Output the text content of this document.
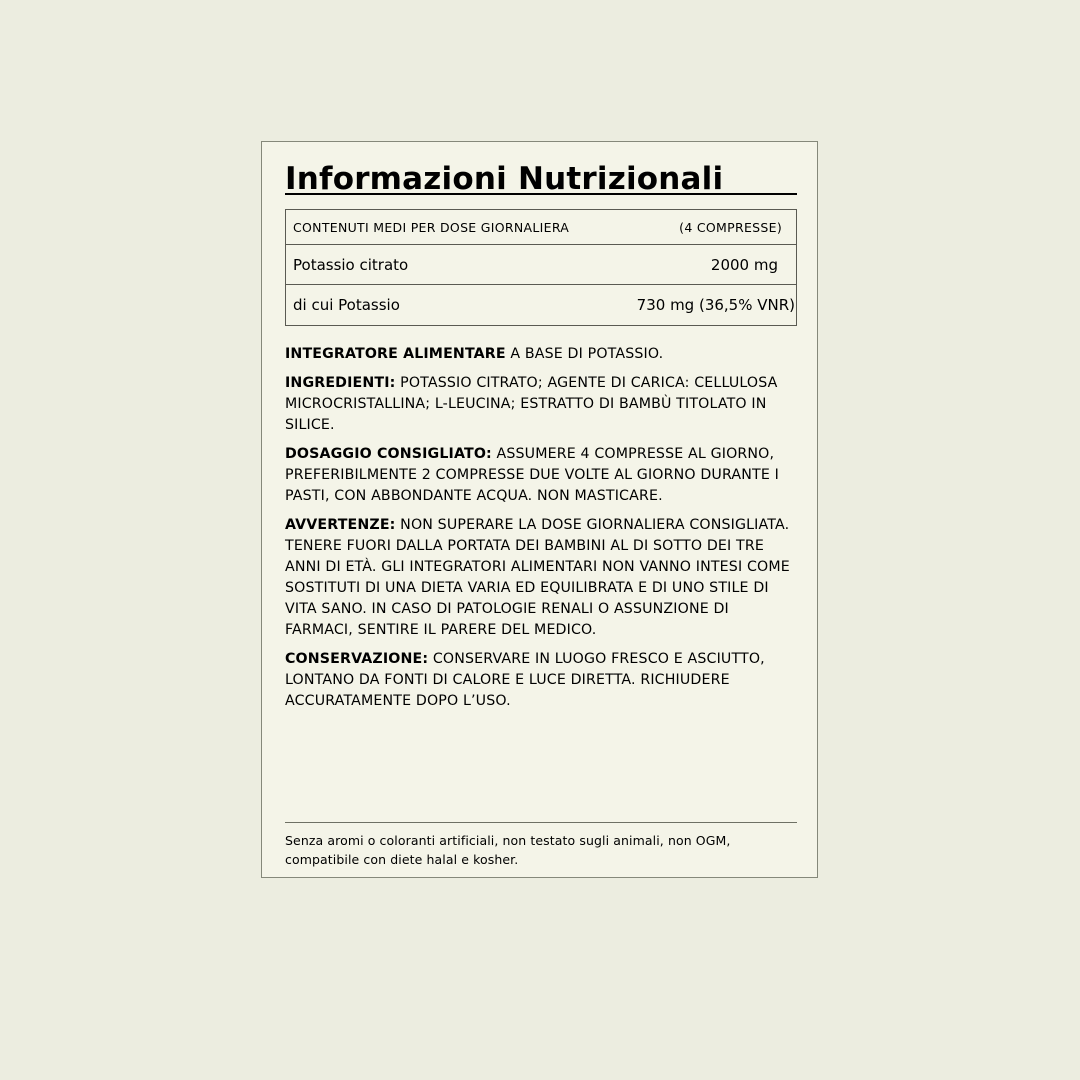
Informazioni Nutrizionali
CONTENUTI MEDI PER DOSE GIORNALIERA	(4 COMPRESSE)
Potassio citrato	2000 mg
di cui Potassio	730 mg (36,5% VNR)

INTEGRATORE ALIMENTARE A BASE DI POTASSIO.

INGREDIENTI: POTASSIO CITRATO; AGENTE DI CARICA: CELLULOSA MICROCRISTALLINA; L-LEUCINA; ESTRATTO DI BAMBÙ TITOLATO IN SILICE.

DOSAGGIO CONSIGLIATO: ASSUMERE 4 COMPRESSE AL GIORNO, PREFERIBILMENTE 2 COMPRESSE DUE VOLTE AL GIORNO DURANTE I PASTI, CON ABBONDANTE ACQUA. NON MASTICARE.

AVVERTENZE: NON SUPERARE LA DOSE GIORNALIERA CONSIGLIATA. TENERE FUORI DALLA PORTATA DEI BAMBINI AL DI SOTTO DEI TRE ANNI DI ETÀ. GLI INTEGRATORI ALIMENTARI NON VANNO INTESI COME SOSTITUTI DI UNA DIETA VARIA ED EQUILIBRATA E DI UNO STILE DI VITA SANO. IN CASO DI PATOLOGIE RENALI O ASSUNZIONE DI FARMACI, SENTIRE IL PARERE DEL MEDICO.

CONSERVAZIONE: CONSERVARE IN LUOGO FRESCO E ASCIUTTO, LONTANO DA FONTI DI CALORE E LUCE DIRETTA. RICHIUDERE ACCURATAMENTE DOPO L’USO.

Senza aromi o coloranti artificiali, non testato sugli animali, non OGM, compatibile con diete halal e kosher.
